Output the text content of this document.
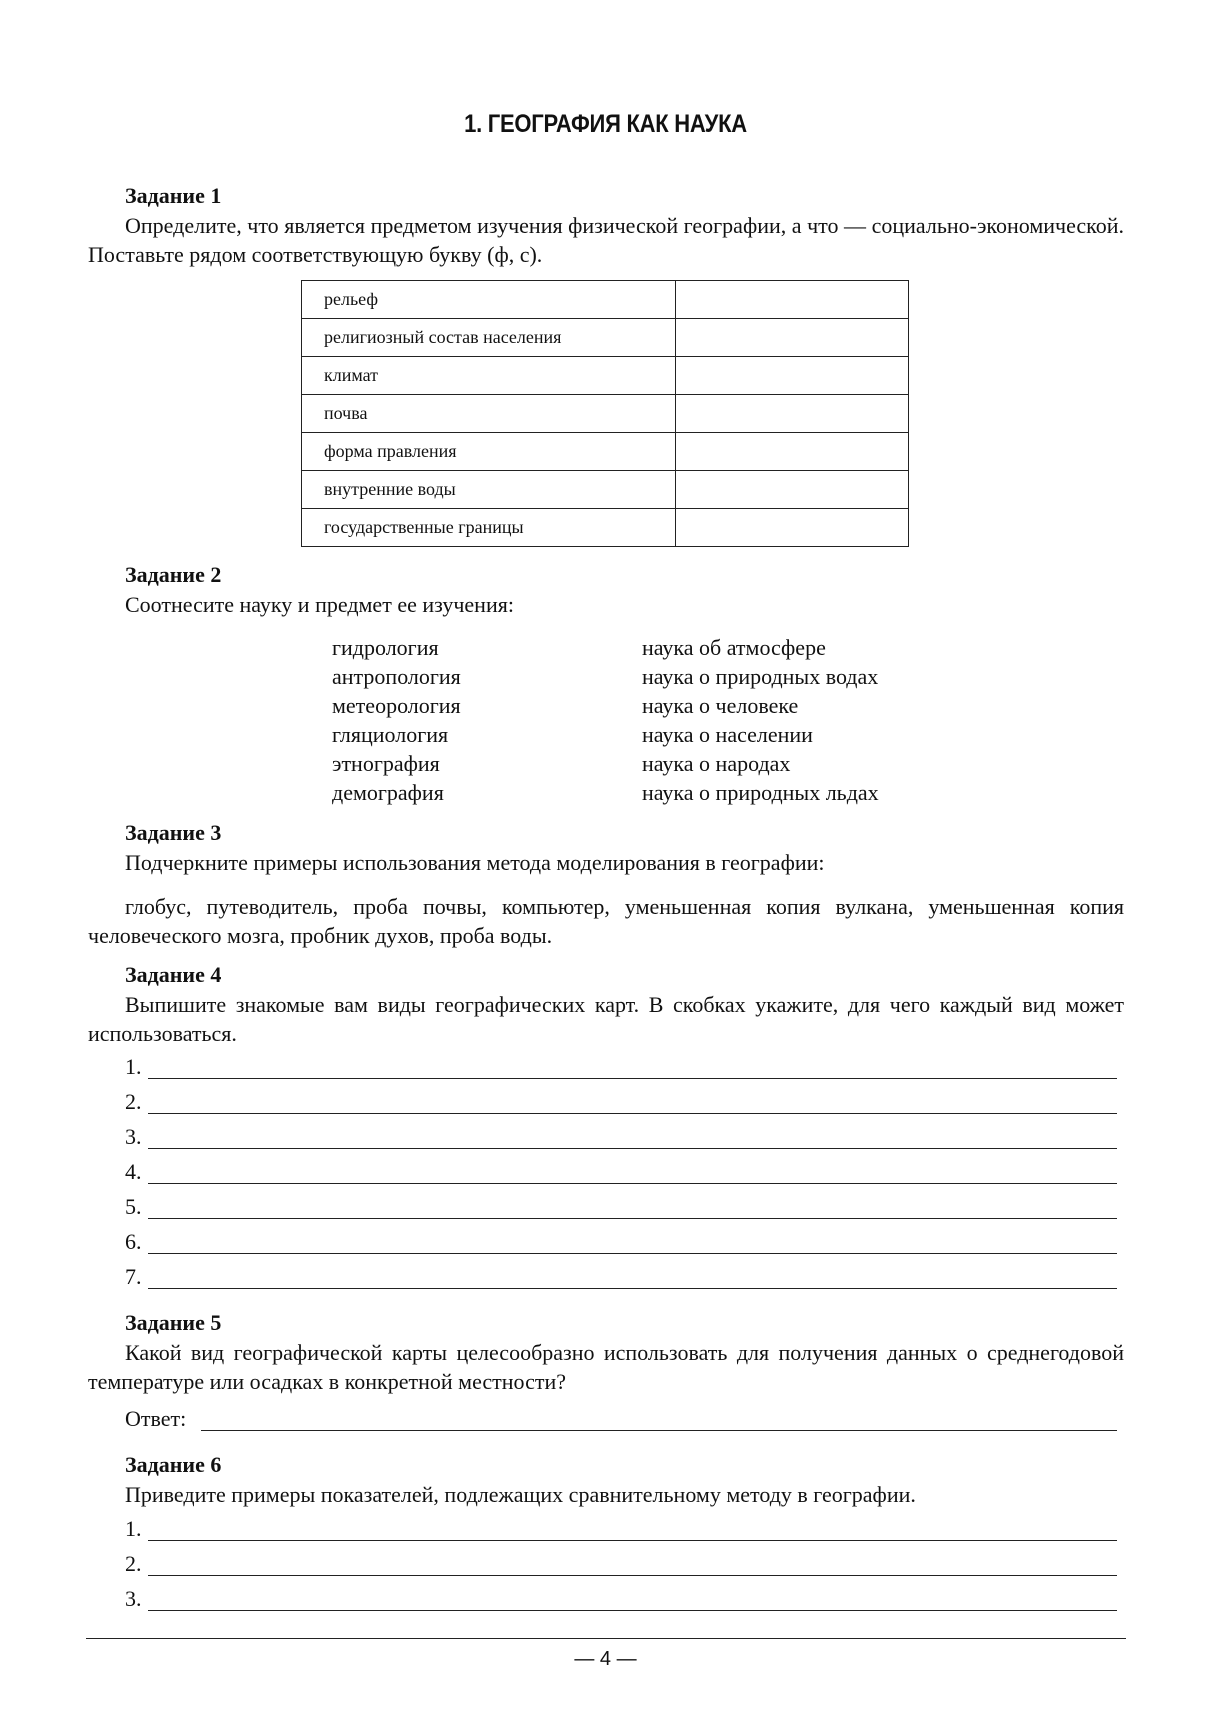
1. ГЕОГРАФИЯ КАК НАУКА
Задание 1
Определите, что является предметом изучения физической географии, а что — социально-экономической. Поставьте рядом соответствующую букву (ф, с).
рельеф	
религиозный состав населения	
климат	
почва	
форма правления	
внутренние воды	
государственные границы	
Задание 2
Соотнесите науку и предмет ее изучения:
гидрология	наука об атмосфере
антропология	наука о природных водах
метеорология	наука о человеке
гляциология	наука о населении
этнография	наука о народах
демография	наука о природных льдах
Задание 3
Подчеркните примеры использования метода моделирования в географии:
глобус, путеводитель, проба почвы, компьютер, уменьшенная копия вулкана, уменьшенная копия человеческого мозга, пробник духов, проба воды.
Задание 4
Выпишите знакомые вам виды географических карт. В скобках укажите, для чего каждый вид может использоваться.
1.
2.
3.
4.
5.
6.
7.
Задание 5
Какой вид географической карты целесообразно использовать для получения данных о среднегодовой температуре или осадках в конкретной местности?
Ответ:
Задание 6
Приведите примеры показателей, подлежащих сравнительному методу в географии.
1.
2.
3.
— 4 —
